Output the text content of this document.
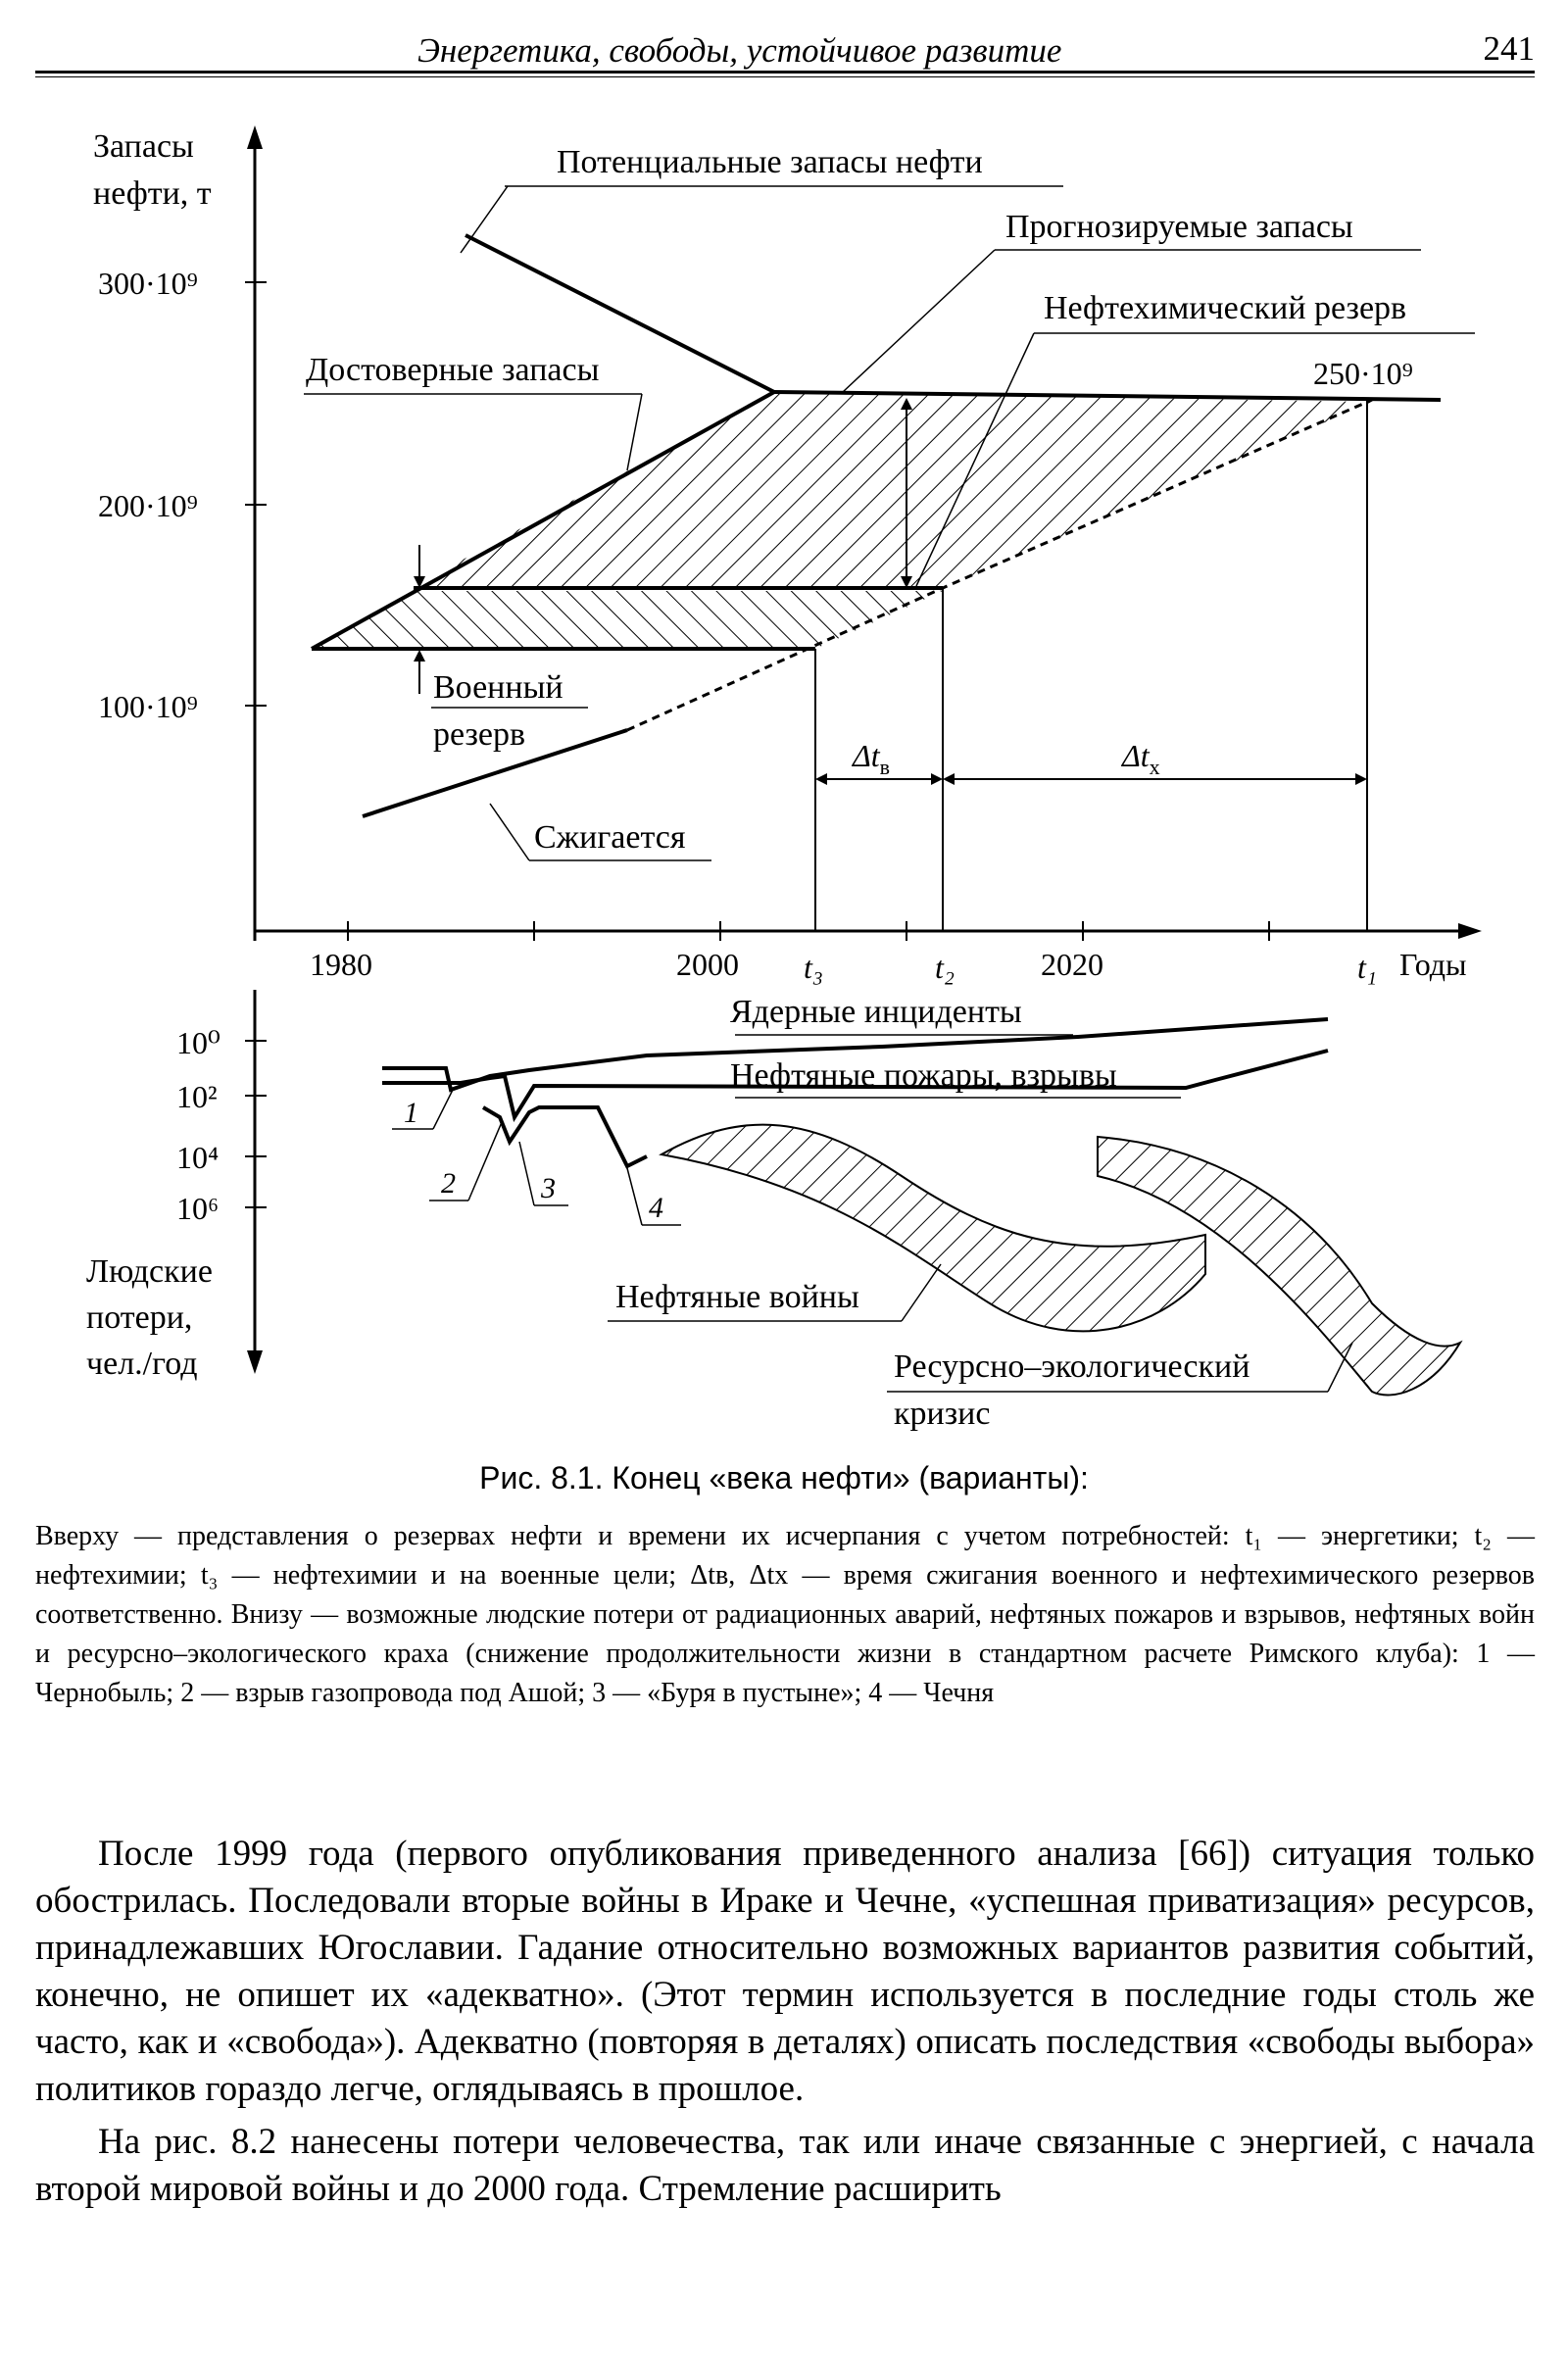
Энергетика, свободы, устойчивое развитие	241
Запасы
нефти, т
300·10⁹
200·10⁹
100·10⁹
1980	2000 t₃	t₂	2020	t₁ Годы
$\Delta t_в$	$\Delta t_х$
Потенциальные запасы нефти
Прогнозируемые запасы
Нефтехимический резерв
250·10⁹
Достоверные запасы
Военный
резерв
Сжигается
10⁰
10²
10⁴
10⁶
Людские
потери,
чел./год
Ядерные инциденты
Нефтяные пожары, взрывы
Нефтяные войны
Ресурсно–экологический
кризис
1
2	3
4
Рис. 8.1. Конец «века нефти» (варианты):

Вверху — представления о резервах нефти и времени их исчерпания с учетом потребностей: t₁ — энергетики; t₂ — нефтехимии; t₃ — нефтехимии и на военные цели; Δtв, Δtх — время сжигания военного и нефтехимического резервов соответственно. Внизу — возможные людские потери от радиационных аварий, нефтяных пожаров и взрывов, нефтяных войн и ресурсно–экологического краха (снижение продолжительности жизни в стандартном расчете Римского клуба): 1 — Чернобыль; 2 — взрыв газопровода под Ашой; 3 — «Буря в пустыне»; 4 — Чечня

После 1999 года (первого опубликования приведенного анализа [66]) ситуация только обострилась. Последовали вторые войны в Ираке и Чечне, «успешная приватизация» ресурсов, принадлежавших Югославии. Гадание относительно возможных вариантов развития событий, конечно, не опишет их «адекватно». (Этот термин используется в последние годы столь же часто, как и «свобода»). Адекватно (повторяя в деталях) описать последствия «свободы выбора» политиков гораздо легче, оглядываясь в прошлое.

На рис. 8.2 нанесены потери человечества, так или иначе связанные с энергией, с начала второй мировой войны и до 2000 года. Стремление расширить
